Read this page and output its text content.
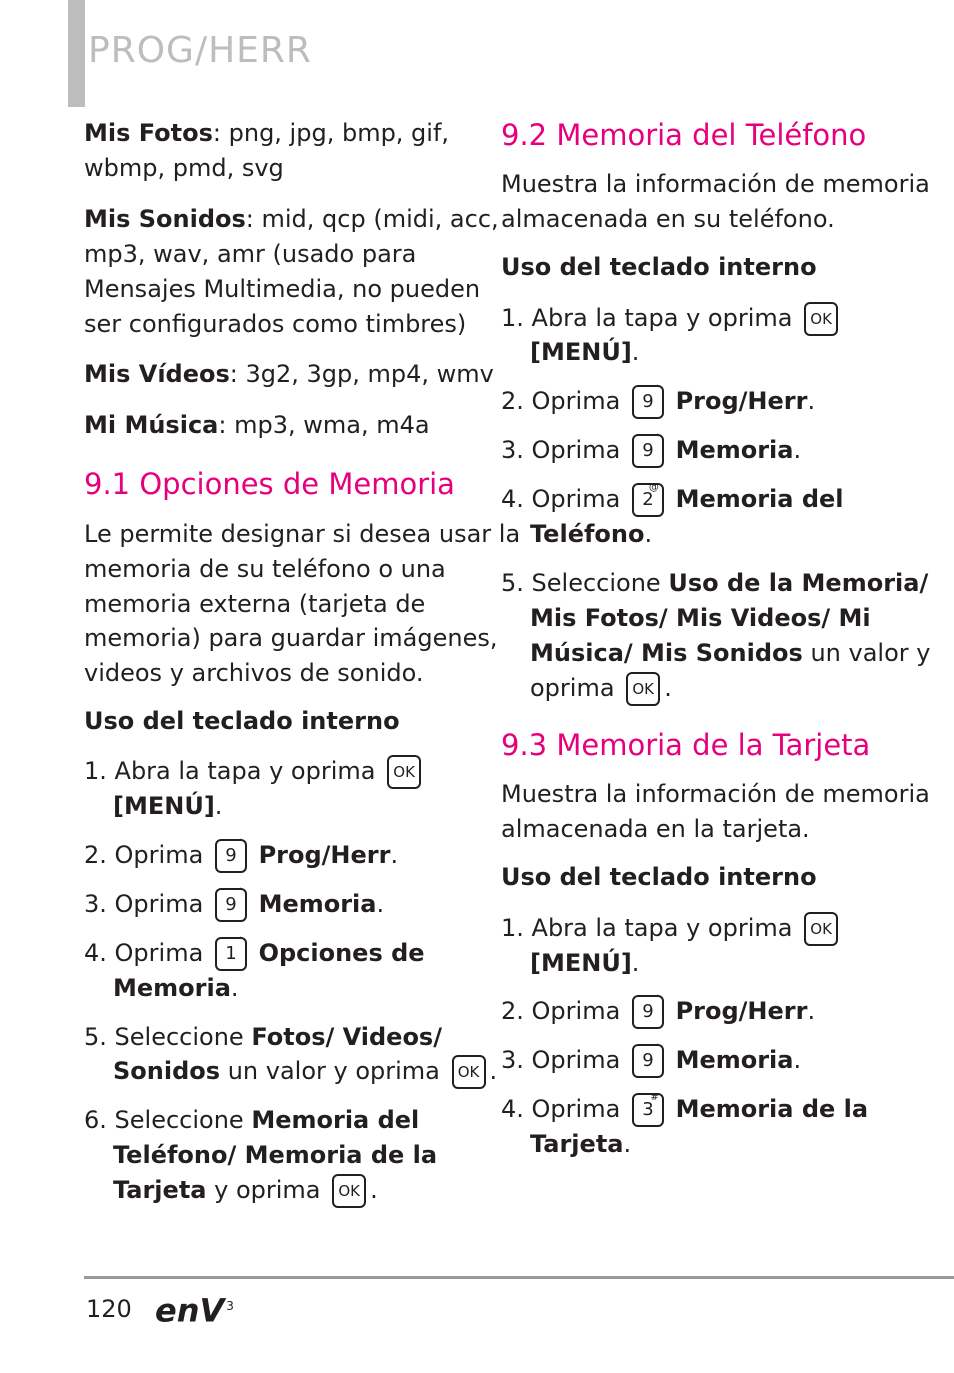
PROG/HERR
Mis Fotos: png, jpg, bmp, gif,
wbmp, pmd, svg
Mis Sonidos: mid, qcp (midi, acc,
mp3, wav, amr (usado para
Mensajes Multimedia, no pueden
ser configurados como timbres)
Mis Vídeos: 3g2, 3gp, mp4, wmv
Mi Música: mp3, wma, m4a
9.1 Opciones de Memoria
Le permite designar si desea usar la
memoria de su teléfono o una
memoria externa (tarjeta de
memoria) para guardar imágenes,
videos y archivos de sonido.
Uso del teclado interno
1. Abra la tapa y oprima OK
[MENÚ].
2. Oprima 9
ʻ Prog/Herr.
3. Oprima 9
ʻ Memoria.
4. Oprima 1
ʻ Opciones de
Memoria.
5. Seleccione Fotos/ Videos/
Sonidos un valor y oprima OK .
6. Seleccione Memoria del
Teléfono/ Memoria de la
Tarjeta y oprima OK .
9.2 Memoria del Teléfono
Muestra la información de memoria
almacenada en su teléfono.
Uso del teclado interno
1. Abra la tapa y oprima OK
[MENÚ].
2. Oprima 9
ʻ Prog/Herr.
3. Oprima 9
ʻ Memoria.
4. Oprima 2
@ Memoria del
Teléfono.
5. Seleccione Uso de la Memoria/
Mis Fotos/ Mis Videos/ Mi
Música/ Mis Sonidos un valor y
oprima OK .
9.3 Memoria de la Tarjeta
Muestra la información de memoria
almacenada en la tarjeta.
Uso del teclado interno
1. Abra la tapa y oprima OK
[MENÚ].
2. Oprima 9
ʻ Prog/Herr.
3. Oprima 9
ʻ Memoria.
4. Oprima 3
# Memoria de la
Tarjeta.
120 enV $^3$
